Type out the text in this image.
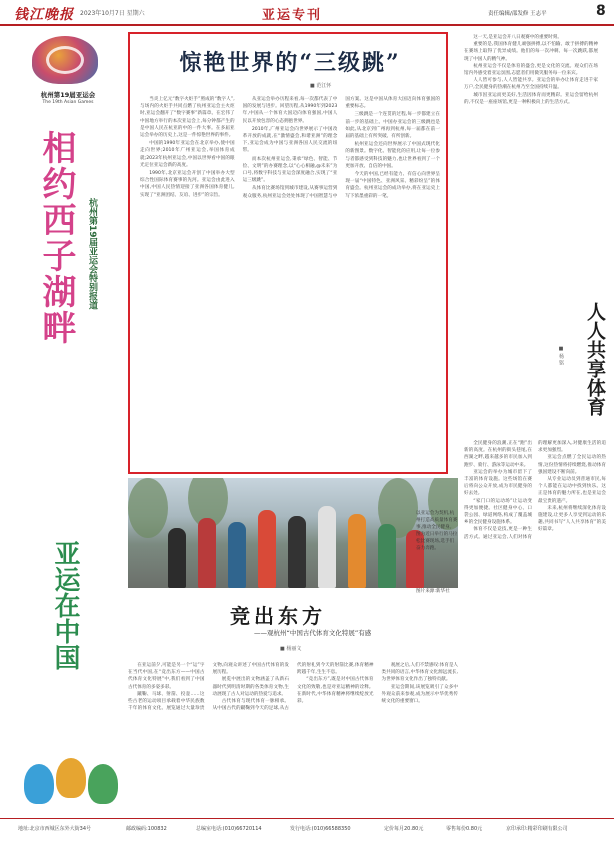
钱江晚报 2023年10月7日 星期六	亚运专刊	责任编辑/邵发修 王志平	8
杭州第19届亚运会
The 19th Asian Games
相约西子湖畔 杭州第19届亚运会特别报道
亚运在中国
惊艳世界的“三级跳”
■ 范江怀

当炎上亿元“数字火炬手”照成的“数字人”,与场内的火炬手共同点燃了杭州亚运会主火炬时,亚运会翻开了“数字赛事”新篇章。在宏伟了中国地方举行的本次亚运会上,每分钟都产生的是中国人民在杭亚的中的一件大事。在多届亚运会举办的历史上,这是一件惊艳世界的事件。

中国的1990年亚运会在北京举办,使中国走向世界;2010年广州亚运会,举国体育成就;2023年杭州亚运会,中国以世界看中国的眼光定位亚运会新的高度。

1990年,北京亚运会开创了中国举办大型综合性国际体育赛事的先河。亚运会由此进入中国,中国人民热情迎接了亚洲各国体育健儿,实现了“亚洲团结、友谊、进步”的宗旨。

从亚运会举办历程来看,每一次都代表了中国的发展与进步。回望历程,从1990年到2023年,中国从一个体育大国迈向体育强国,中国人民以开放包容的心态拥抱世界。

2010年,广州亚运会向世界展示了中国改革开放的成就,在“激情盛会,和谐亚洲”的理念下,亚运会成为中国与亚洲各国人民交流的纽带。

而本次杭州亚运会,秉承“绿色、智能、节俭、文明”的办赛理念,以“心心相融,@未来”为口号,将数字科技与亚运会深度融合,实现了“亚运三级跳”。

从体育比赛场馆到城市建设,从赛事运营到观众服务,杭州亚运会处处体现了中国智慧与中国方案。这是中国从体育大国迈向体育强国的重要标志。

三级跳是一个连贯的过程,每一步都建立在前一步的基础上。中国办亚运会的三级跳也是如此,从北京到广州再到杭州,每一届都在前一届的基础上有所突破、有所创新。

杭州亚运会还向世界展示了中国式现代化的新图景。数字化、智能化的应用,让每一位参与者都感受到科技的魅力,也让世界看到了一个更加开放、自信的中国。

今天的中国,已经有能力、有信心向世界呈现一届“中国特色、亚洲风采、精彩纷呈”的体育盛会。杭州亚运会的成功举办,将在亚运史上写下浓墨重彩的一笔。

这一天,是亚运会开八日观赛中的重要时刻。

重要的是,我国体育健儿顽强拼搏,以不怕输、敢于拼搏的精神在赛场上取得了优异成绩。他们的每一次冲刺、每一次跳跃,都展现了中国人的精气神。

杭州亚运会不仅是体育的盛会,更是文化的交流。观众们在场馆内外感受着亚运氛围,志愿者们用微笑服务每一位来宾。

人人皆可参与,人人皆能共享。亚运会的举办让体育走进千家万户,全民健身的热潮在杭州乃至全国持续升温。

城市因亚运而更美好,生活因体育而更精彩。亚运会留给杭州的,不仅是一座座场馆,更是一种积极向上的生活方式。

人人共享体育
■ 杨 铭

全民健身的浪潮,正在“跑”出新的高度。在杭州的街头巷尾,在西湖之畔,越来越多的市民加入到跑步、骑行、游泳等运动中来。

亚运会的举办为城市留下了丰富的体育设施。这些场馆在赛后将向公众开放,成为市民健身的好去处。

“家门口的运动场”让运动变得更加便捷。社区健身中心、口袋公园、绿道网络,构成了覆盖城乡的全民健身设施体系。

体育不仅是竞技,更是一种生活方式。通过亚运会,人们对体育的理解更加深入,对健康生活的追求更加强烈。

亚运会点燃了全民运动的热情,这份热情将持续燃烧,推动体育强国建设不断向前。

从专业运动员到普通市民,每个人都能在运动中找到快乐。这正是体育的魅力所在,也是亚运会最宝贵的遗产。

未来,杭州将继续深化体育设施建设,让更多人享受到运动的乐趣,共同书写“人人共享体育”的美好篇章。

以亚运会为契机,杭州打造高质量体育赛事,推动全民健身。图为近日举行的马拉松比赛现场,选手们奋力奔跑。
图片来源:新华社
竞出东方
——观杭州“中国古代体育文化特展”有感
■ 杨丽文

在亚运前夕,可能是另一个“运”字在当代中国,在“竞出东方——中国古代体育文化特展”中,我们看到了中国古代体育的多姿多彩。

蹴鞠、马球、射箭、投壶……这些古老的运动项目承载着中华民族数千年的体育文化。展览通过大量珍贵文物,向观众讲述了中国古代体育的发展历程。

展览中展出的文物涵盖了从新石器时代到明清时期的各类体育文物,生动展现了古人对运动的热爱与追求。

古代体育与现代体育一脉相承。从中国古代的蹴鞠到今天的足球,从古代的射礼到今天的射箭比赛,体育精神跨越千年,生生不息。

“竞出东方”,既是对中国古代体育文化的致敬,也是对亚运精神的诠释。在新时代,中华体育精神将继续绽放光彩。

观展之后,人们不禁感叹:体育是人类共同的语言,中华体育文化源远流长,为世界体育文化作出了独特贡献。

亚运会期间,该展览吸引了众多中外观众前来参观,成为展示中华优秀传统文化的重要窗口。

地址:北京市西城区东外大街34号	邮政编码:100832	总编室电话:(010)66720114	发行电话:(010)66588350	定价每月20.80元	零售每份0.80元	京印承印:精彩印刷有限公司
